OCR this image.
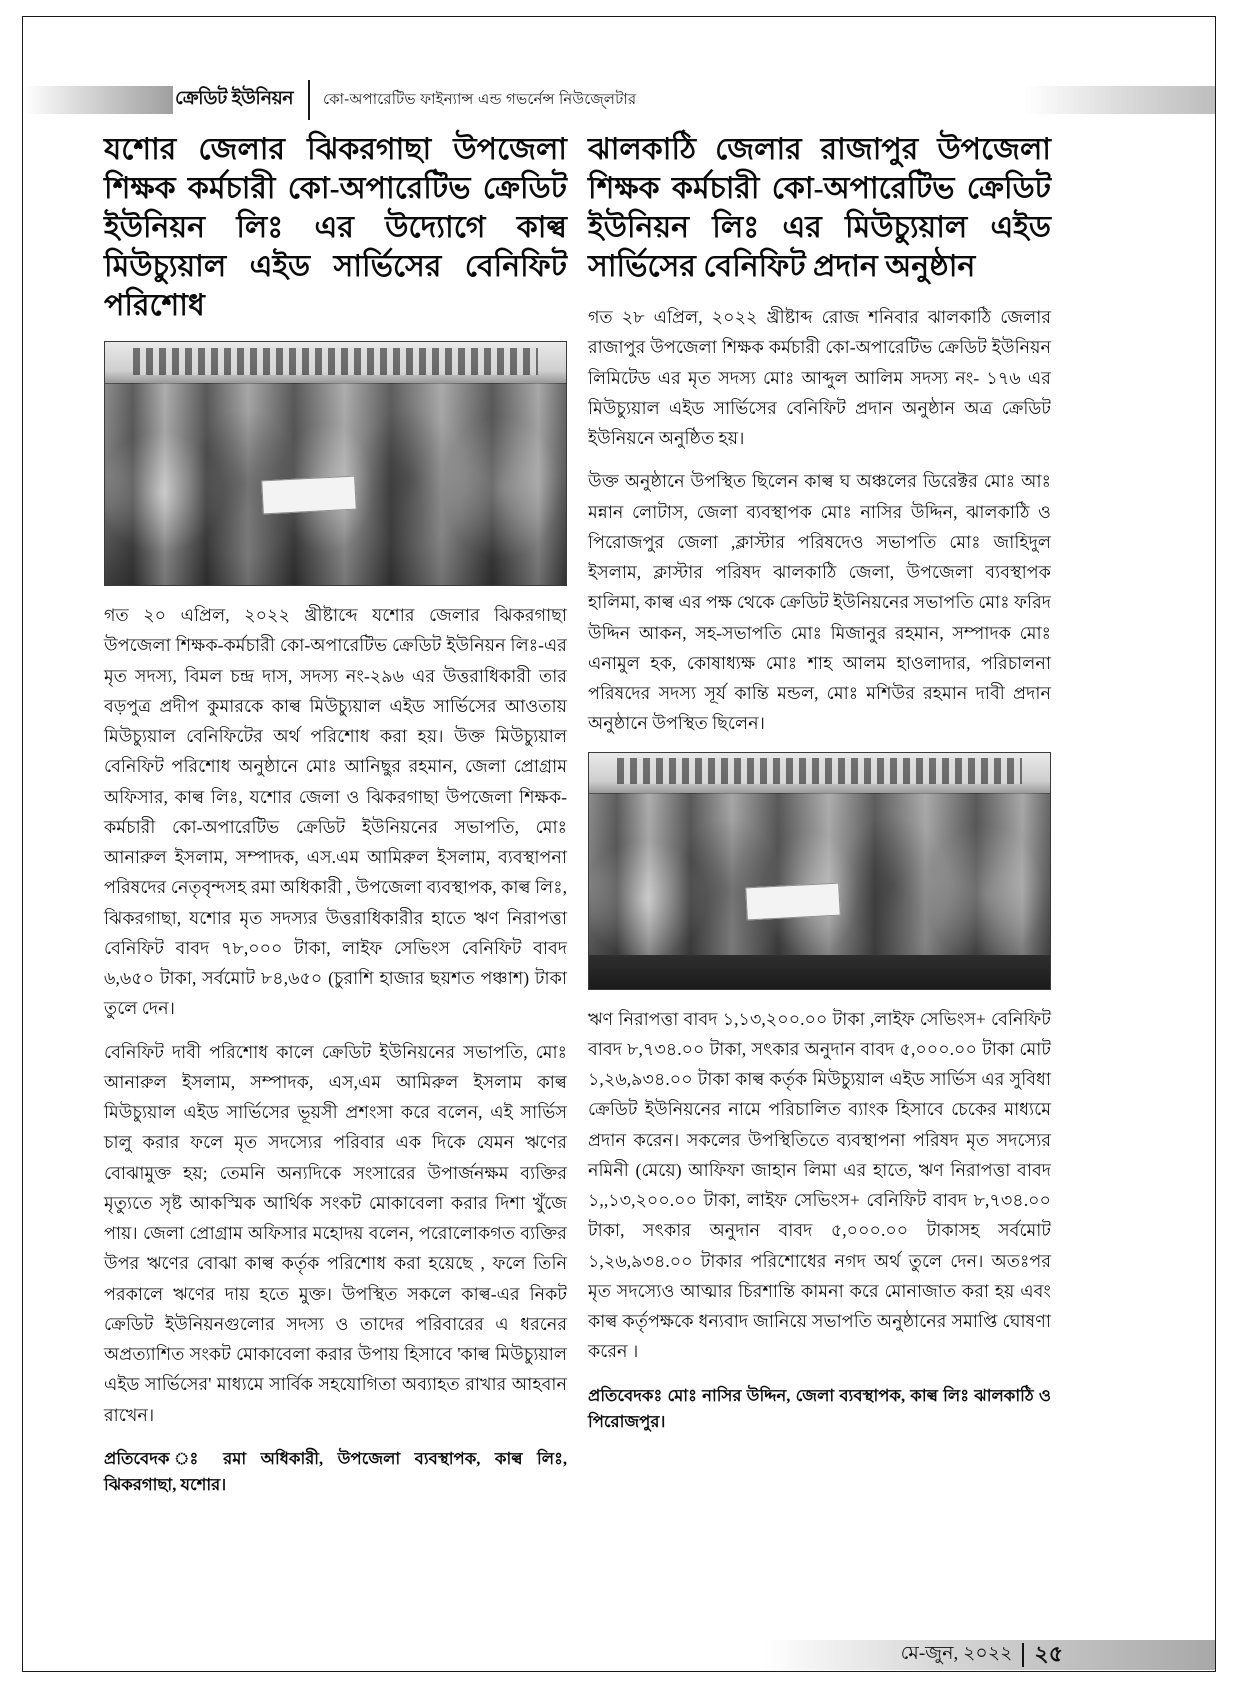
ক্রেডিট ইউনিয়ন কো-অপারেটিভ ফাইন্যান্স এন্ড গভর্নেন্স নিউজ্লেটার
যশোর জেলার ঝিকরগাছা উপজেলা শিক্ষক কর্মচারী কো-অপারেটিভ ক্রেডিট ইউনিয়ন লিঃ এর উদ্যোগে কাল্ব মিউচ্যুয়াল এইড সার্ভিসের বেনিফিট পরিশোধ

গত ২০ এপ্রিল, ২০২২ খ্রীষ্টাব্দে যশোর জেলার ঝিকরগাছা উপজেলা শিক্ষক-কর্মচারী কো-অপারেটিভ ক্রেডিট ইউনিয়ন লিঃ-এর মৃত সদস্য, বিমল চন্দ্র দাস, সদস্য নং-২৯৬ এর উত্তরাধিকারী তার বড়পুত্র প্রদীপ কুমারকে কাল্ব মিউচ্যুয়াল এইড সার্ভিসের আওতায় মিউচ্যুয়াল বেনিফিটের অর্থ পরিশোধ করা হয়। উক্ত মিউচ্যুয়াল বেনিফিট পরিশোধ অনুষ্ঠানে মোঃ আনিছুর রহমান, জেলা প্রোগ্রাম অফিসার, কাল্ব লিঃ, যশোর জেলা ও ঝিকরগাছা উপজেলা শিক্ষক-কর্মচারী কো-অপারেটিভ ক্রেডিট ইউনিয়নের সভাপতি, মোঃ আনারুল ইসলাম, সম্পাদক, এস.এম আমিরুল ইসলাম, ব্যবস্থাপনা পরিষদের নেতৃবৃন্দসহ রমা অধিকারী , উপজেলা ব্যবস্থাপক, কাল্ব লিঃ, ঝিকরগাছা, যশোর মৃত সদস্যর উত্তরাধিকারীর হাতে ঋণ নিরাপত্তা বেনিফিট বাবদ ৭৮,০০০ টাকা, লাইফ সেভিংস বেনিফিট বাবদ ৬,৬৫০ টাকা, সর্বমোট ৮৪,৬৫০ (চুরাশি হাজার ছয়শত পঞ্চাশ) টাকা তুলে দেন।

বেনিফিট দাবী পরিশোধ কালে ক্রেডিট ইউনিয়নের সভাপতি, মোঃ আনারুল ইসলাম, সম্পাদক, এস,এম আমিরুল ইসলাম কাল্ব মিউচ্যুয়াল এইড সার্ভিসের ভূয়সী প্রশংসা করে বলেন, এই সার্ভিস চালু করার ফলে মৃত সদস্যের পরিবার এক দিকে যেমন ঋণের বোঝামুক্ত হয়; তেমনি অন্যদিকে সংসারের উপার্জনক্ষম ব্যক্তির মৃত্যুতে সৃষ্ট আকস্মিক আর্থিক সংকট মোকাবেলা করার দিশা খুঁজে পায়। জেলা প্রোগ্রাম অফিসার মহোদয় বলেন, পরোলোকগত ব্যক্তির উপর ঋণের বোঝা কাল্ব কর্তৃক পরিশোধ করা হয়েছে , ফলে তিনি পরকালে ঋণের দায় হতে মুক্ত। উপস্থিত সকলে কাল্ব-এর নিকট ক্রেডিট ইউনিয়নগুলোর সদস্য ও তাদের পরিবারের এ ধরনের অপ্রত্যাশিত সংকট মোকাবেলা করার উপায় হিসাবে 'কাল্ব মিউচ্যুয়াল এইড সার্ভিসের' মাধ্যমে সার্বিক সহযোগিতা অব্যাহত রাখার আহবান রাখেন।

প্রতিবেদক ঃ রমা অধিকারী, উপজেলা ব্যবস্থাপক, কাল্ব লিঃ, ঝিকরগাছা, যশোর।

ঝালকাঠি জেলার রাজাপুর উপজেলা শিক্ষক কর্মচারী কো-অপারেটিভ ক্রেডিট ইউনিয়ন লিঃ এর মিউচ্যুয়াল এইড সার্ভিসের বেনিফিট প্রদান অনুষ্ঠান

গত ২৮ এপ্রিল, ২০২২ খ্রীষ্টাব্দ রোজ শনিবার ঝালকাঠি জেলার রাজাপুর উপজেলা শিক্ষক কর্মচারী কো-অপারেটিভ ক্রেডিট ইউনিয়ন লিমিটেড এর মৃত সদস্য মোঃ আব্দুল আলিম সদস্য নং- ১৭৬ এর মিউচ্যুয়াল এইড সার্ভিসের বেনিফিট প্রদান অনুষ্ঠান অত্র ক্রেডিট ইউনিয়নে অনুষ্ঠিত হয়।

উক্ত অনুষ্ঠানে উপস্থিত ছিলেন কাল্ব ঘ অঞ্চলের ডিরেক্টর মোঃ আঃ মন্নান লোটাস, জেলা ব্যবস্থাপক মোঃ নাসির উদ্দিন, ঝালকাঠি ও পিরোজপুর জেলা ,ক্লাস্টার পরিষদেও সভাপতি মোঃ জাহিদুল ইসলাম, ক্লাস্টার পরিষদ ঝালকাঠি জেলা, উপজেলা ব্যবস্থাপক হালিমা, কাল্ব এর পক্ষ থেকে ক্রেডিট ইউনিয়নের সভাপতি মোঃ ফরিদ উদ্দিন আকন, সহ-সভাপতি মোঃ মিজানুর রহমান, সম্পাদক মোঃ এনামুল হক, কোষাধ্যক্ষ মোঃ শাহ আলম হাওলাদার, পরিচালনা পরিষদের সদস্য সূর্য কান্তি মন্ডল, মোঃ মশিউর রহমান দাবী প্রদান অনুষ্ঠানে উপস্থিত ছিলেন।

ঋণ নিরাপত্তা বাবদ ১,১৩,২০০.০০ টাকা ,লাইফ সেভিংস+ বেনিফিট বাবদ ৮,৭৩৪.০০ টাকা, সৎকার অনুদান বাবদ ৫,০০০.০০ টাকা মোট ১,২৬,৯৩৪.০০ টাকা কাল্ব কর্তৃক মিউচ্যুয়াল এইড সার্ভিস এর সুবিধা ক্রেডিট ইউনিয়নের নামে পরিচালিত ব্যাংক হিসাবে চেকের মাধ্যমে প্রদান করেন। সকলের উপস্থিতিতে ব্যবস্থাপনা পরিষদ মৃত সদস্যের নমিনী (মেয়ে) আফিফা জাহান লিমা এর হাতে, ঋণ নিরাপত্তা বাবদ ১,,১৩,২০০.০০ টাকা, লাইফ সেভিংস+ বেনিফিট বাবদ ৮,৭৩৪.০০ টাকা, সৎকার অনুদান বাবদ ৫,০০০.০০ টাকাসহ সর্বমোট ১,২৬,৯৩৪.০০ টাকার পরিশোধের নগদ অর্থ তুলে দেন। অতঃপর মৃত সদস্যেও আত্মার চিরশান্তি কামনা করে মোনাজাত করা হয় এবং কাল্ব কর্তৃপক্ষকে ধন্যবাদ জানিয়ে সভাপতি অনুষ্ঠানের সমাপ্তি ঘোষণা করেন ।

প্রতিবেদকঃ মোঃ নাসির উদ্দিন, জেলা ব্যবস্থাপক, কাল্ব লিঃ ঝালকাঠি ও পিরোজপুর।

মে-জুন, ২০২২ ২৫
